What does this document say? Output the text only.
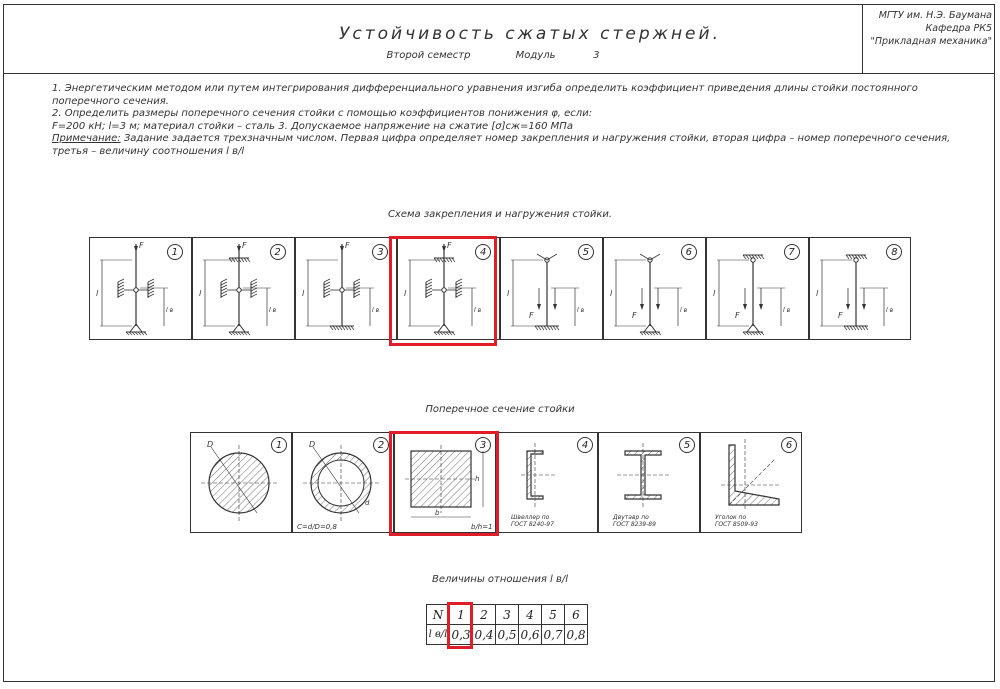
Устойчивость сжатых стержней.
Второй семестр	Модуль	3
МГТУ им. Н.Э. Баумана
Кафедра РК5
"Прикладная механика"

1. Энергетическим методом или путем интегрирования дифференциального уравнения изгиба определить коэффициент приведения длины стойки постоянного поперечного сечения.

2. Определить размеры поперечного сечения стойки с помощью коэффициентов понижения φ, если:

F=200 кН; l=3 м; материал стойки – сталь 3. Допускаемое напряжение на сжатие [σ]сж=160 МПа

Примечание: Задание задается трехзначным числом. Первая цифра определяет номер закрепления и нагружения стойки, вторая цифра – номер поперечного сечения, третья – величину соотношения l в/l

Схема закрепления и нагружения стойки.
l
l в
F
1
l
l в
F
2
l
l в
F
3
l
l в
F
4
l
l в
F
5
l
l в
F
6
l
l в
F
7
l
l в
F
8
Поперечное сечение стойки
D	1	D
d
C=d/D=0,8
2
b
h
b/h=1
3
Швеллер по
ГОСТ 8240-97
4
Двутавр по
ГОСТ 8239-89
5
Уголок по
ГОСТ 8509-93
6
Величины отношения l в/l
N	1	2	3	4	5	6
l в/l	0,3	0,4	0,5	0,6	0,7	0,8
